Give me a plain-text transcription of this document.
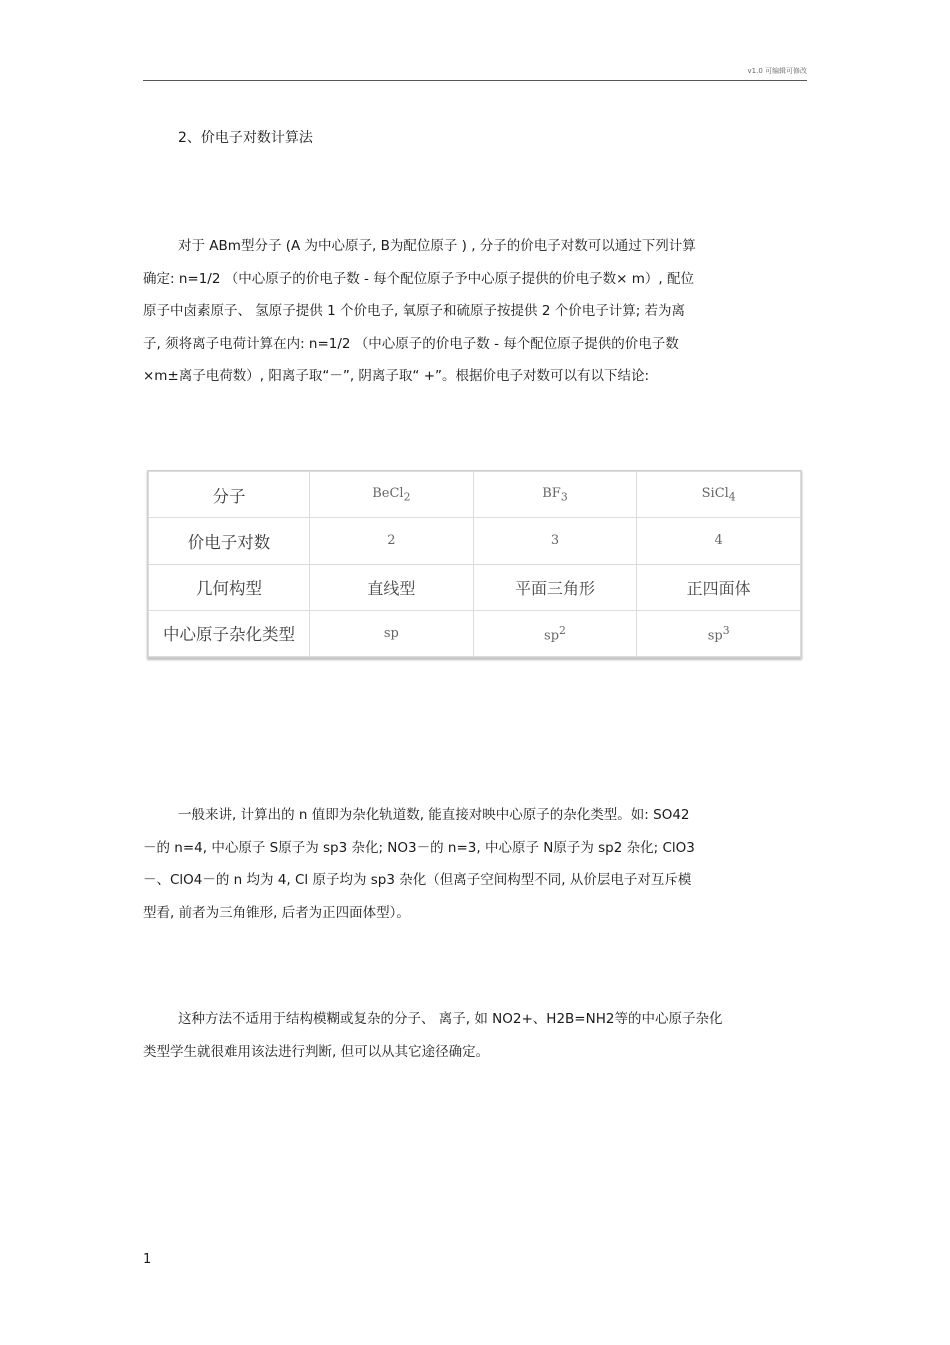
v1.0 可编辑可修改
2、价电子对数计算法

对于 ABm型分子 (A 为中心原子, B为配位原子 ) , 分子的价电子对数可以通过下列计算
确定: n=1/2 （中心原子的价电子数 - 每个配位原子予中心原子提供的价电子数× m）, 配位
原子中卤素原子、 氢原子提供 1 个价电子, 氧原子和硫原子按提供 2 个价电子计算; 若为离
子, 须将离子电荷计算在内: n=1/2 （中心原子的价电子数 - 每个配位原子提供的价电子数
×m±离子电荷数）, 阳离子取“－”, 阴离子取“ +”。根据价电子对数可以有以下结论:

分子	BeCl$_2$	$BF_3$	SiCl$_4$
价电子对数	2	3	4
几何构型	直线型	平面三角形	正四面体
中心原子杂化类型	sp	$sp^2$	$sp^3$

一般来讲, 计算出的 n 值即为杂化轨道数, 能直接对映中心原子的杂化类型。如: SO42
－的 n=4, 中心原子 S原子为 sp3 杂化; NO3－的 n=3, 中心原子 N原子为 sp2 杂化; ClO3
－、ClO4－的 n 均为 4, Cl 原子均为 sp3 杂化（但离子空间构型不同, 从价层电子对互斥模
型看, 前者为三角锥形, 后者为正四面体型）。

这种方法不适用于结构模糊或复杂的分子、 离子, 如 NO2+、H2B=NH2等的中心原子杂化
类型学生就很难用该法进行判断, 但可以从其它途径确定。

1
